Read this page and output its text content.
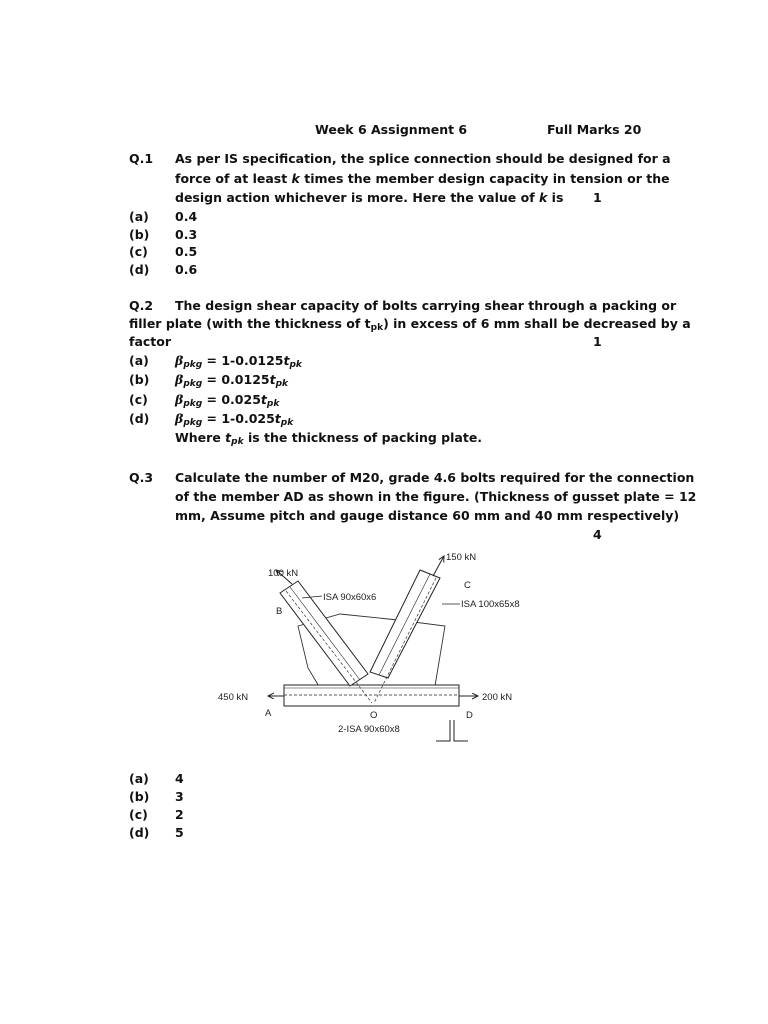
Week 6 Assignment 6	Full Marks 20
Q.1 As per IS specification, the splice connection should be designed for a
force of at least k times the member design capacity in tension or the
design action whichever is more. Here the value of k is 1
(a) 0.4
(b) 0.3
(c) 0.5
(d) 0.6
Q.2 The design shear capacity of bolts carrying shear through a packing or
filler plate (with the thickness of $t_{pk}$) in excess of 6 mm shall be decreased by a
factor	1
(a) $\beta_{pkg} = 1-0.0125t_{pk}$
(b) $\beta_{pkg} = 0.0125t_{pk}$
(c) $\beta_{pkg} = 0.025t_{pk}$
(d) $\beta_{pkg} = 1-0.025t_{pk}$
Where $t_{pk}$ is the thickness of packing plate.
Q.3 Calculate the number of M20, grade 4.6 bolts required for the connection
of the member AD as shown in the figure. (Thickness of gusset plate = 12
mm, Assume pitch and gauge distance 60 mm and 40 mm respectively)
4
100 kN
150 kN
450 kN	200 kN
ISA 90x60x6
ISA 100x65x8
2-ISA 90x60x8
B
C
A	D
O
(a) 4
(b) 3
(c) 2
(d) 5
